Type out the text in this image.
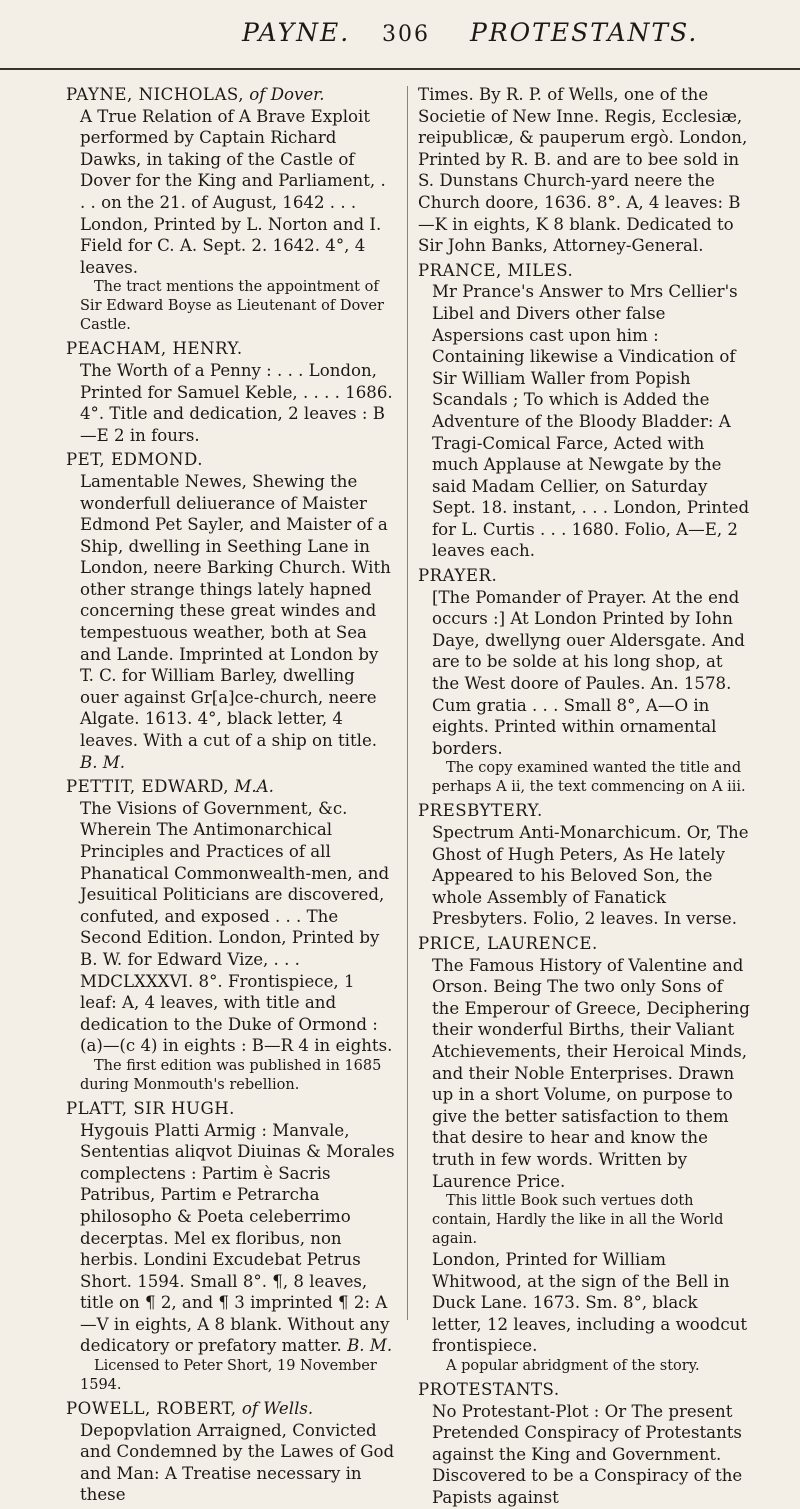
PAYNE. 306 PROTESTANTS.
PAYNE, NICHOLAS, of Dover.
A True Relation of A Brave Exploit performed by Captain Richard Dawks, in taking of the Castle of Dover for the King and Parliament, . . . on the 21. of August, 1642 . . . London, Printed by L. Norton and I. Field for C. A. Sept. 2. 1642. 4°, 4 leaves.
The tract mentions the appointment of Sir Edward Boyse as Lieutenant of Dover Castle.
PEACHAM, HENRY.
The Worth of a Penny : . . . London, Printed for Samuel Keble, . . . . 1686. 4°. Title and dedication, 2 leaves : B—E 2 in fours.
PET, EDMOND.
Lamentable Newes, Shewing the wonderfull deliuerance of Maister Edmond Pet Sayler, and Maister of a Ship, dwelling in Seething Lane in London, neere Barking Church. With other strange things lately hapned concerning these great windes and tempestuous weather, both at Sea and Lande. Imprinted at London by T. C. for William Barley, dwelling ouer against Gr[a]ce-church, neere Algate. 1613. 4°, black letter, 4 leaves. With a cut of a ship on title. B. M.
PETTIT, EDWARD, M.A.
The Visions of Government, &c. Wherein The Antimonarchical Principles and Practices of all Phanatical Commonwealth-men, and Jesuitical Politicians are discovered, confuted, and exposed . . . The Second Edition. London, Printed by B. W. for Edward Vize, . . . MDCLXXXVI. 8°. Frontispiece, 1 leaf: A, 4 leaves, with title and dedication to the Duke of Ormond : (a)—(c 4) in eights : B—R 4 in eights.
The first edition was published in 1685 during Monmouth's rebellion.
PLATT, SIR HUGH.
Hygouis Platti Armig : Manvale, Sententias aliqvot Diuinas & Morales complectens : Partim è Sacris Patribus, Partim e Petrarcha philosopho & Poeta celeberrimo decerptas. Mel ex floribus, non herbis. Londini Excudebat Petrus Short. 1594. Small 8°. ¶, 8 leaves, title on ¶ 2, and ¶ 3 imprinted ¶ 2: A—V in eights, A 8 blank. Without any dedicatory or prefatory matter. B. M.
Licensed to Peter Short, 19 November 1594.
POWELL, ROBERT, of Wells.
Depopvlation Arraigned, Convicted and Condemned by the Lawes of God and Man: A Treatise necessary in these
Times. By R. P. of Wells, one of the Societie of New Inne. Regis, Ecclesiæ, reipublicæ, & pauperum ergò. London, Printed by R. B. and are to bee sold in S. Dunstans Church-yard neere the Church doore, 1636. 8°. A, 4 leaves: B—K in eights, K 8 blank. Dedicated to Sir John Banks, Attorney-General.
PRANCE, MILES.
Mr Prance's Answer to Mrs Cellier's Libel and Divers other false Aspersions cast upon him : Containing likewise a Vindication of Sir William Waller from Popish Scandals ; To which is Added the Adventure of the Bloody Bladder: A Tragi-Comical Farce, Acted with much Applause at Newgate by the said Madam Cellier, on Saturday Sept. 18. instant, . . . London, Printed for L. Curtis . . . 1680. Folio, A—E, 2 leaves each.
PRAYER.
[The Pomander of Prayer. At the end occurs :] At London Printed by Iohn Daye, dwellyng ouer Aldersgate. And are to be solde at his long shop, at the West doore of Paules. An. 1578. Cum gratia . . . Small 8°, A—O in eights. Printed within ornamental borders.
The copy examined wanted the title and perhaps A ii, the text commencing on A iii.
PRESBYTERY.
Spectrum Anti-Monarchicum. Or, The Ghost of Hugh Peters, As He lately Appeared to his Beloved Son, the whole Assembly of Fanatick Presbyters. Folio, 2 leaves. In verse.
PRICE, LAURENCE.
The Famous History of Valentine and Orson. Being The two only Sons of the Emperour of Greece, Deciphering their wonderful Births, their Valiant Atchievements, their Heroical Minds, and their Noble Enterprises. Drawn up in a short Volume, on purpose to give the better satisfaction to them that desire to hear and know the truth in few words. Written by Laurence Price.
This little Book such vertues doth contain, Hardly the like in all the World again.
London, Printed for William Whitwood, at the sign of the Bell in Duck Lane. 1673. Sm. 8°, black letter, 12 leaves, including a woodcut frontispiece.
A popular abridgment of the story.
PROTESTANTS.
No Protestant-Plot : Or The present Pretended Conspiracy of Protestants against the King and Government. Discovered to be a Conspiracy of the Papists against
